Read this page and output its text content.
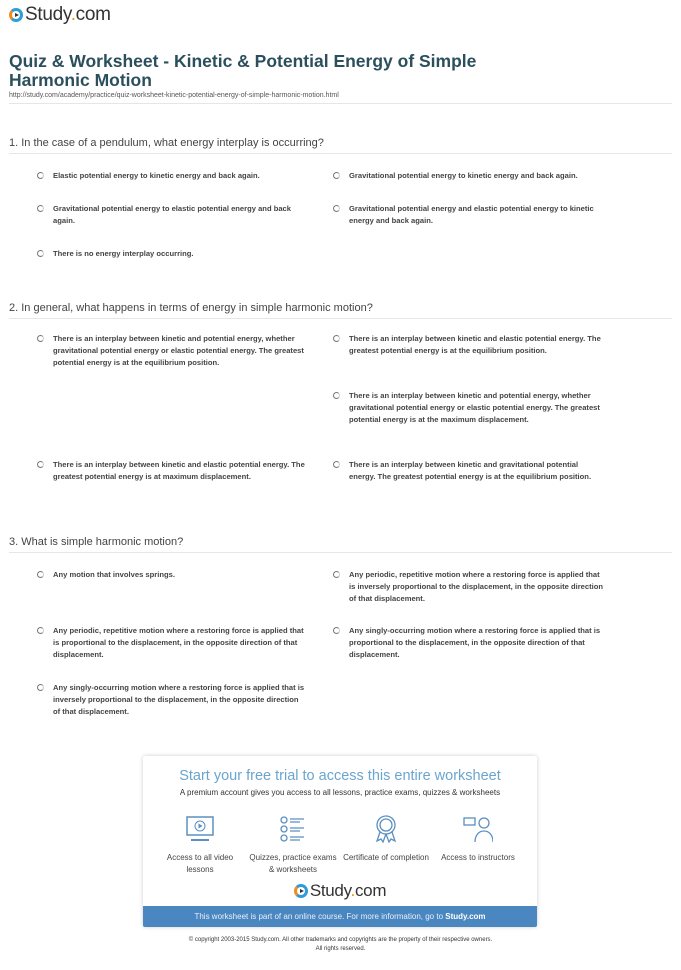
Study.com
Quiz & Worksheet - Kinetic & Potential Energy of Simple Harmonic Motion
http://study.com/academy/practice/quiz-worksheet-kinetic-potential-energy-of-simple-harmonic-motion.html
1. In the case of a pendulum, what energy interplay is occurring?
2. In general, what happens in terms of energy in simple harmonic motion?
3. What is simple harmonic motion?
Elastic potential energy to kinetic energy and back again.	Gravitational potential energy to kinetic energy and back again.
Gravitational potential energy to elastic potential energy and back again.
Gravitational potential energy and elastic potential energy to kinetic energy and back again.
There is no energy interplay occurring.
There is an interplay between kinetic and potential energy, whether gravitational potential energy or elastic potential energy. The greatest potential energy is at the equilibrium position.
There is an interplay between kinetic and elastic potential energy. The greatest potential energy is at the equilibrium position.
There is an interplay between kinetic and potential energy, whether gravitational potential energy or elastic potential energy. The greatest potential energy is at the maximum displacement.
There is an interplay between kinetic and elastic potential energy. The greatest potential energy is at maximum displacement.
There is an interplay between kinetic and gravitational potential energy. The greatest potential energy is at the equilibrium position.
Any motion that involves springs.	Any periodic, repetitive motion where a restoring force is applied that is inversely proportional to the displacement, in the opposite direction of that displacement.
Any periodic, repetitive motion where a restoring force is applied that is proportional to the displacement, in the opposite direction of that displacement.
Any singly-occurring motion where a restoring force is applied that is proportional to the displacement, in the opposite direction of that displacement.
Any singly-occurring motion where a restoring force is applied that is inversely proportional to the displacement, in the opposite direction of that displacement.
Start your free trial to access this entire worksheet
A premium account gives you access to all lessons, practice exams, quizzes & worksheets
Access to all video lessons
Quizzes, practice exams & worksheets
Certificate of completion	Access to instructors
Study.com
This worksheet is part of an online course. For more information, go to Study.com
© copyright 2003-2015 Study.com. All other trademarks and copyrights are the property of their respective owners.
All rights reserved.
